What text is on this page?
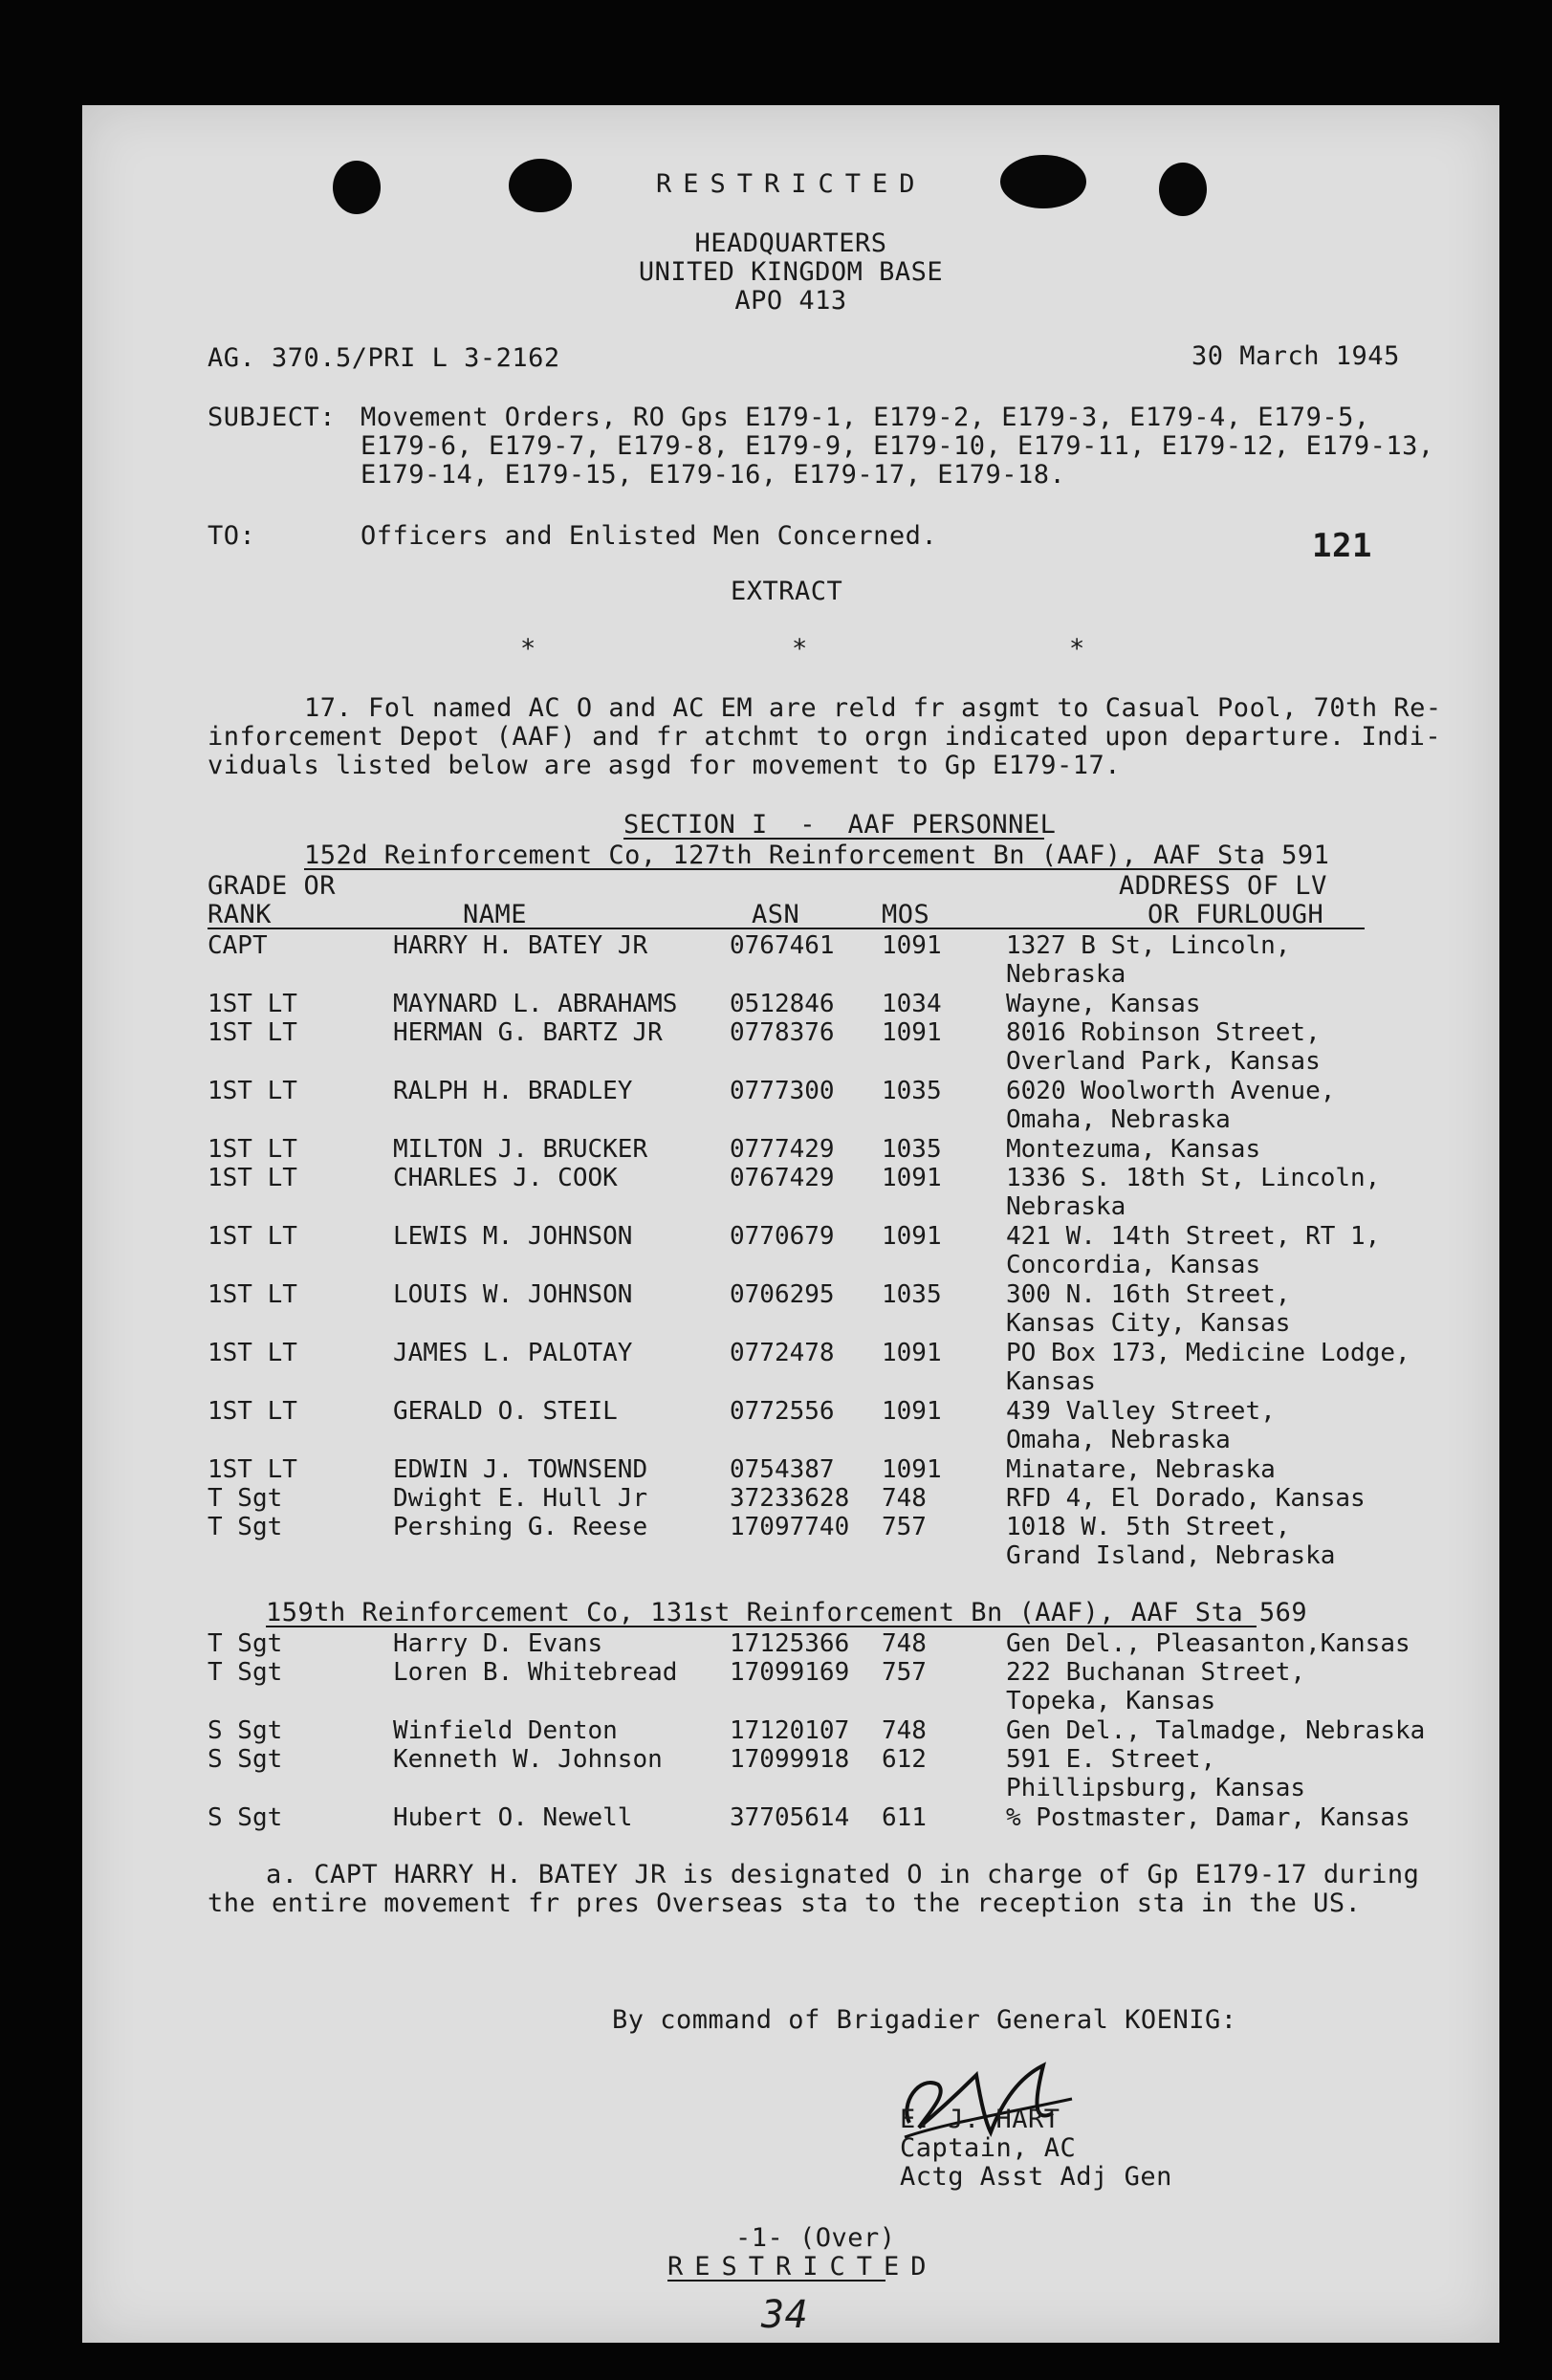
RESTRICTED
HEADQUARTERS
UNITED KINGDOM BASE
APO 413
AG. 370.5/PRI L 3-2162	30 March 1945
SUBJECT: Movement Orders, RO Gps E179-1, E179-2, E179-3, E179-4, E179-5,
E179-6, E179-7, E179-8, E179-9, E179-10, E179-11, E179-12, E179-13,
E179-14, E179-15, E179-16, E179-17, E179-18.
TO:	Officers and Enlisted Men Concerned.	121
EXTRACT
*	*	*
17. Fol named AC O and AC EM are reld fr asgmt to Casual Pool, 70th Re-
inforcement Depot (AAF) and fr atchmt to orgn indicated upon departure. Indi-
viduals listed below are asgd for movement to Gp E179-17.
SECTION I  -  AAF PERSONNEL
152d Reinforcement Co, 127th Reinforcement Bn (AAF), AAF Sta 591
GRADE OR
RANK	NAME	ASN	MOS
ADDRESS OF LV
OR FURLOUGH
CAPT	HARRY H. BATEY JR	0767461 1091	1327 B St, Lincoln,
Nebraska
1ST LT	MAYNARD L. ABRAHAMS 0512846 1034	Wayne, Kansas
1ST LT	HERMAN G. BARTZ JR	0778376 1091	8016 Robinson Street,
Overland Park, Kansas
1ST LT	RALPH H. BRADLEY	0777300 1035	6020 Woolworth Avenue,
Omaha, Nebraska
1ST LT	MILTON J. BRUCKER	0777429 1035	Montezuma, Kansas
1ST LT	CHARLES J. COOK	0767429 1091	1336 S. 18th St, Lincoln,
Nebraska
1ST LT	LEWIS M. JOHNSON	0770679 1091	421 W. 14th Street, RT 1,
Concordia, Kansas
1ST LT	LOUIS W. JOHNSON	0706295 1035	300 N. 16th Street,
Kansas City, Kansas
1ST LT	JAMES L. PALOTAY	0772478 1091	PO Box 173, Medicine Lodge,
Kansas
1ST LT	GERALD O. STEIL	0772556 1091	439 Valley Street,
Omaha, Nebraska
1ST LT	EDWIN J. TOWNSEND	0754387 1091	Minatare, Nebraska
T Sgt	Dwight E. Hull Jr	37233628 748	RFD 4, El Dorado, Kansas
T Sgt	Pershing G. Reese	17097740 757	1018 W. 5th Street,
Grand Island, Nebraska
159th Reinforcement Co, 131st Reinforcement Bn (AAF), AAF Sta 569
T Sgt	Harry D. Evans	17125366 748	Gen Del., Pleasanton,Kansas
T Sgt	Loren B. Whitebread 17099169 757	222 Buchanan Street,
Topeka, Kansas
S Sgt	Winfield Denton	17120107 748	Gen Del., Talmadge, Nebraska
S Sgt	Kenneth W. Johnson	17099918 612	591 E. Street,
Phillipsburg, Kansas
S Sgt	Hubert O. Newell	37705614 611	% Postmaster, Damar, Kansas
a. CAPT HARRY H. BATEY JR is designated O in charge of Gp E179-17 during
the entire movement fr pres Overseas sta to the reception sta in the US.
By command of Brigadier General KOENIG:
E. J. HART
Captain, AC
Actg Asst Adj Gen
-1- (Over)
RESTRICTED
34
